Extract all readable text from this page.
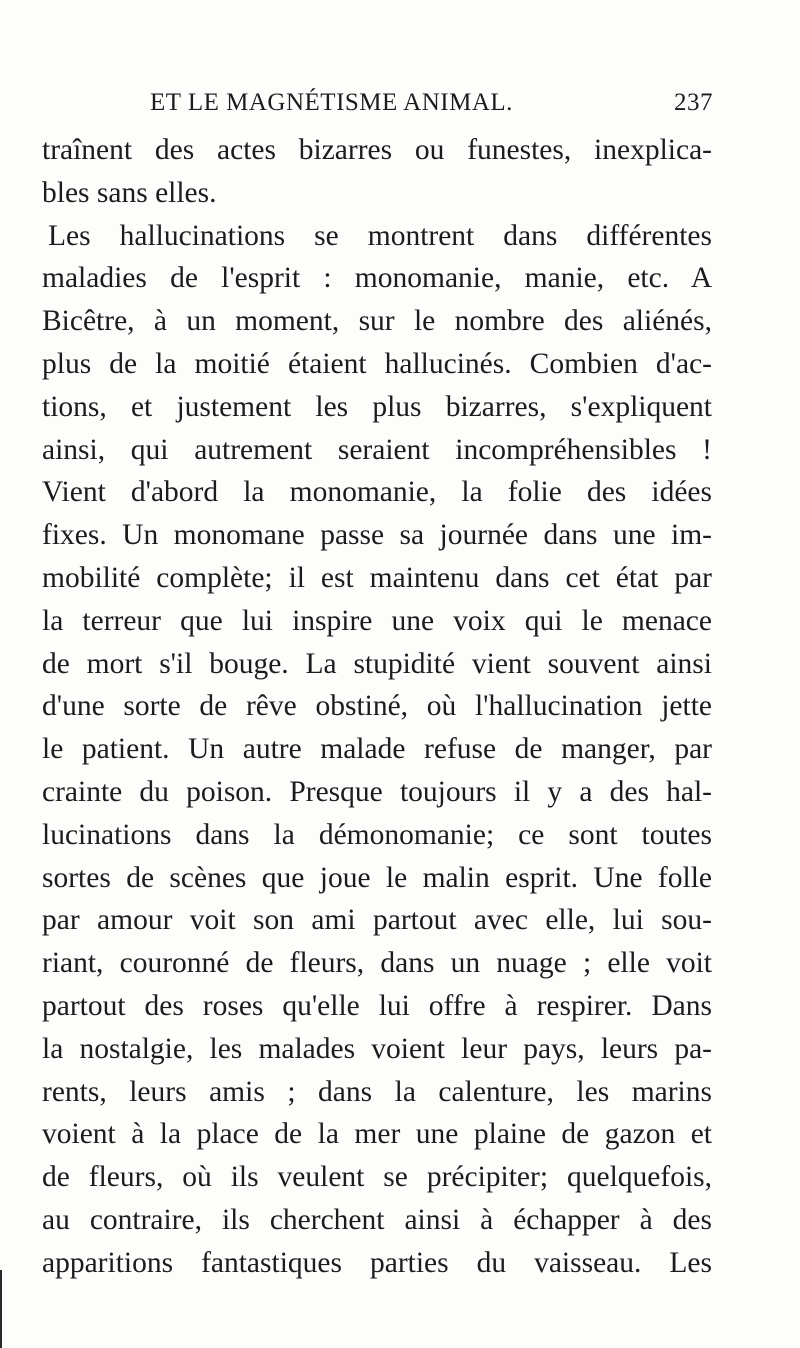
ET LE MAGNÉTISME ANIMAL.	237
traînent des actes bizarres ou funestes, inexplica-
bles sans elles.
Les hallucinations se montrent dans différentes
maladies de l'esprit : monomanie, manie, etc. A
Bicêtre, à un moment, sur le nombre des aliénés,
plus de la moitié étaient hallucinés. Combien d'ac-
tions, et justement les plus bizarres, s'expliquent
ainsi, qui autrement seraient incompréhensibles !
Vient d'abord la monomanie, la folie des idées
fixes. Un monomane passe sa journée dans une im-
mobilité complète; il est maintenu dans cet état par
la terreur que lui inspire une voix qui le menace
de mort s'il bouge. La stupidité vient souvent ainsi
d'une sorte de rêve obstiné, où l'hallucination jette
le patient. Un autre malade refuse de manger, par
crainte du poison. Presque toujours il y a des hal-
lucinations dans la démonomanie; ce sont toutes
sortes de scènes que joue le malin esprit. Une folle
par amour voit son ami partout avec elle, lui sou-
riant, couronné de fleurs, dans un nuage ; elle voit
partout des roses qu'elle lui offre à respirer. Dans
la nostalgie, les malades voient leur pays, leurs pa-
rents, leurs amis ; dans la calenture, les marins
voient à la place de la mer une plaine de gazon et
de fleurs, où ils veulent se précipiter; quelquefois,
au contraire, ils cherchent ainsi à échapper à des
apparitions fantastiques parties du vaisseau. Les
